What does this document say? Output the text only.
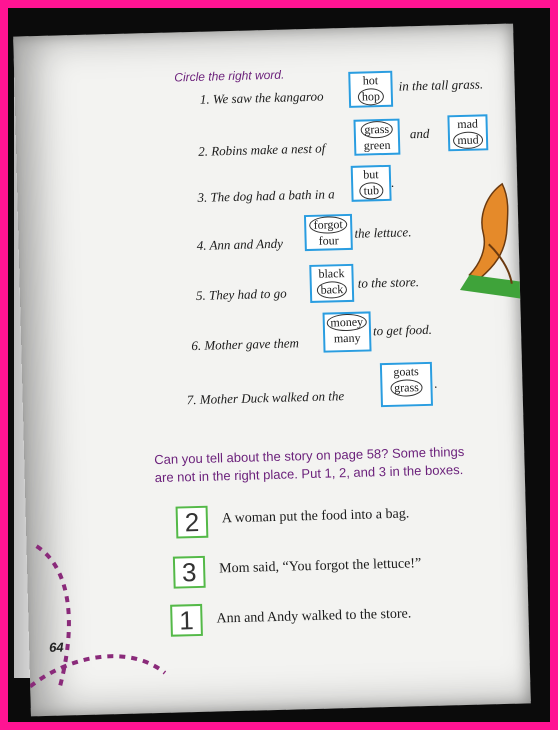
Circle the right word.
1. We saw the kangaroo
hot
hop
in the tall grass.
2. Robins make a nest of
grass
green
and
mad
mud
3. The dog had a bath in a
but
tub
.
4. Ann and Andy
forgot
four	the lettuce.
5. They had to go
black
back	to the store.
6. Mother gave them
money
many to get food.
7. Mother Duck walked on the
goats
grass	.
Can you tell about the story on page 58? Some things
are not in the right place. Put 1, 2, and 3 in the boxes.
2	A woman put the food into a bag.
3	Mom said, “You forgot the lettuce!”
1	Ann and Andy walked to the store.
64
